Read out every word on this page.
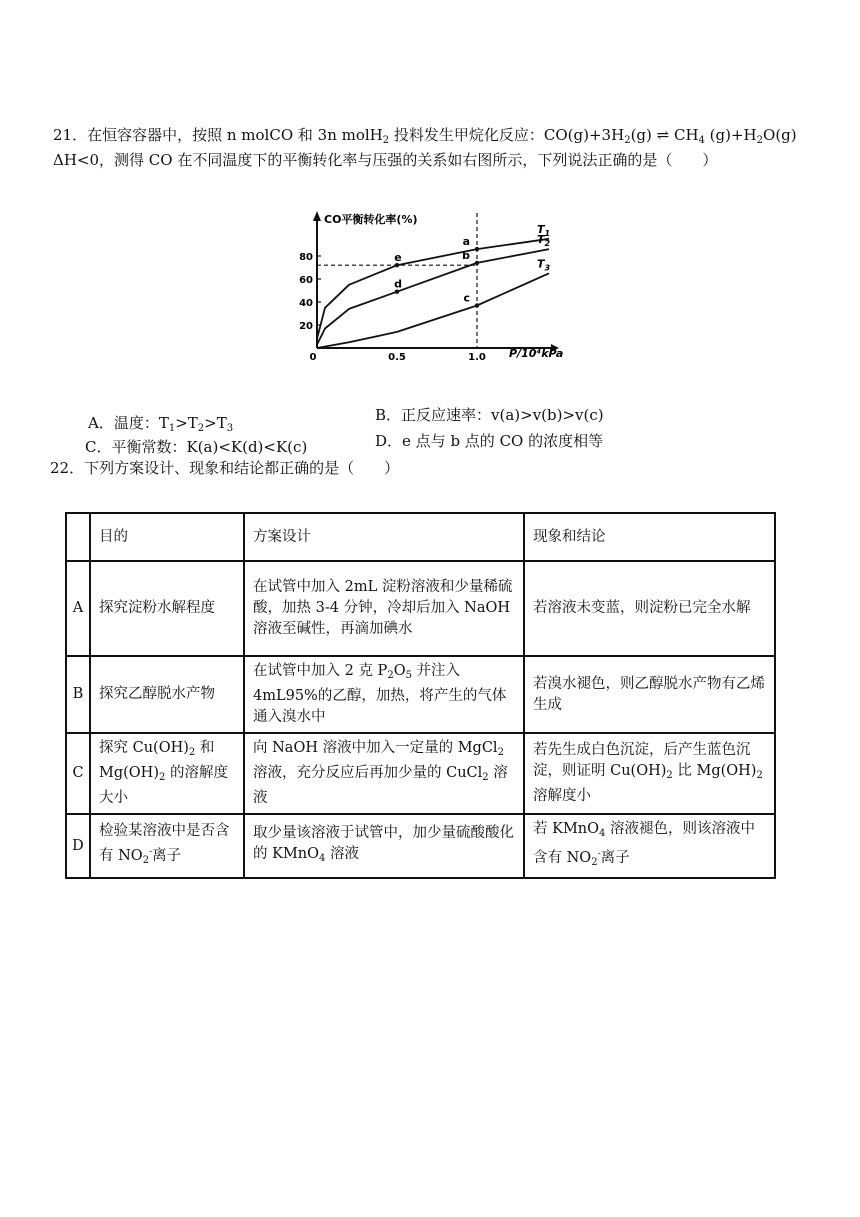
21．在恒容容器中，按照 n molCO 和 3n molH$_2$ 投料发生甲烷化反应：$CO(g)+3H_2(g)$ ⇌ $CH_4$ $(g)+H_2O(g)$
ΔH<0，测得 CO 在不同温度下的平衡转化率与压强的关系如右图所示，下列说法正确的是（　　）
CO平衡转化率(%)
P/10⁴kPa
20
40
60
80
0	0.5	1.0
$T_1$
$T_2$
$T_3$
a
b
c
d
e
A．温度：$T_1>T_2>T_3$
B．正反应速率：v(a)>v(b)>v(c)
C．平衡常数：K(a)<K(d)<K(c)	D．e 点与 b 点的 CO 的浓度相等
22．下列方案设计、现象和结论都正确的是（　　）
	目的	方案设计	现象和结论
A	探究淀粉水解程度	在试管中加入 2mL 淀粉溶液和少量稀硫酸，加热 3-4 分钟，冷却后加入 NaOH 溶液至碱性，再滴加碘水	若溶液未变蓝，则淀粉已完全水解
B	探究乙醇脱水产物	在试管中加入 2 克 $P_2O_5$ 并注入 4mL95%的乙醇，加热，将产生的气体通入溴水中	若溴水褪色，则乙醇脱水产物有乙烯生成
C	探究 $Cu(OH)_2$ 和 $Mg(OH)_2$ 的溶解度大小	向 NaOH 溶液中加入一定量的 MgCl$_2$ 溶液，充分反应后再加少量的 CuCl$_2$ 溶液	若先生成白色沉淀，后产生蓝色沉淀，则证明 $Cu(OH)_2$ 比 $Mg(OH)_2$ 溶解度小
D	检验某溶液中是否含有 $NO_2^-$离子	取少量该溶液于试管中，加少量硫酸酸化的 KMnO$_4$ 溶液	若 KMnO$_4$ 溶液褪色，则该溶液中含有 $NO_2^-$离子
